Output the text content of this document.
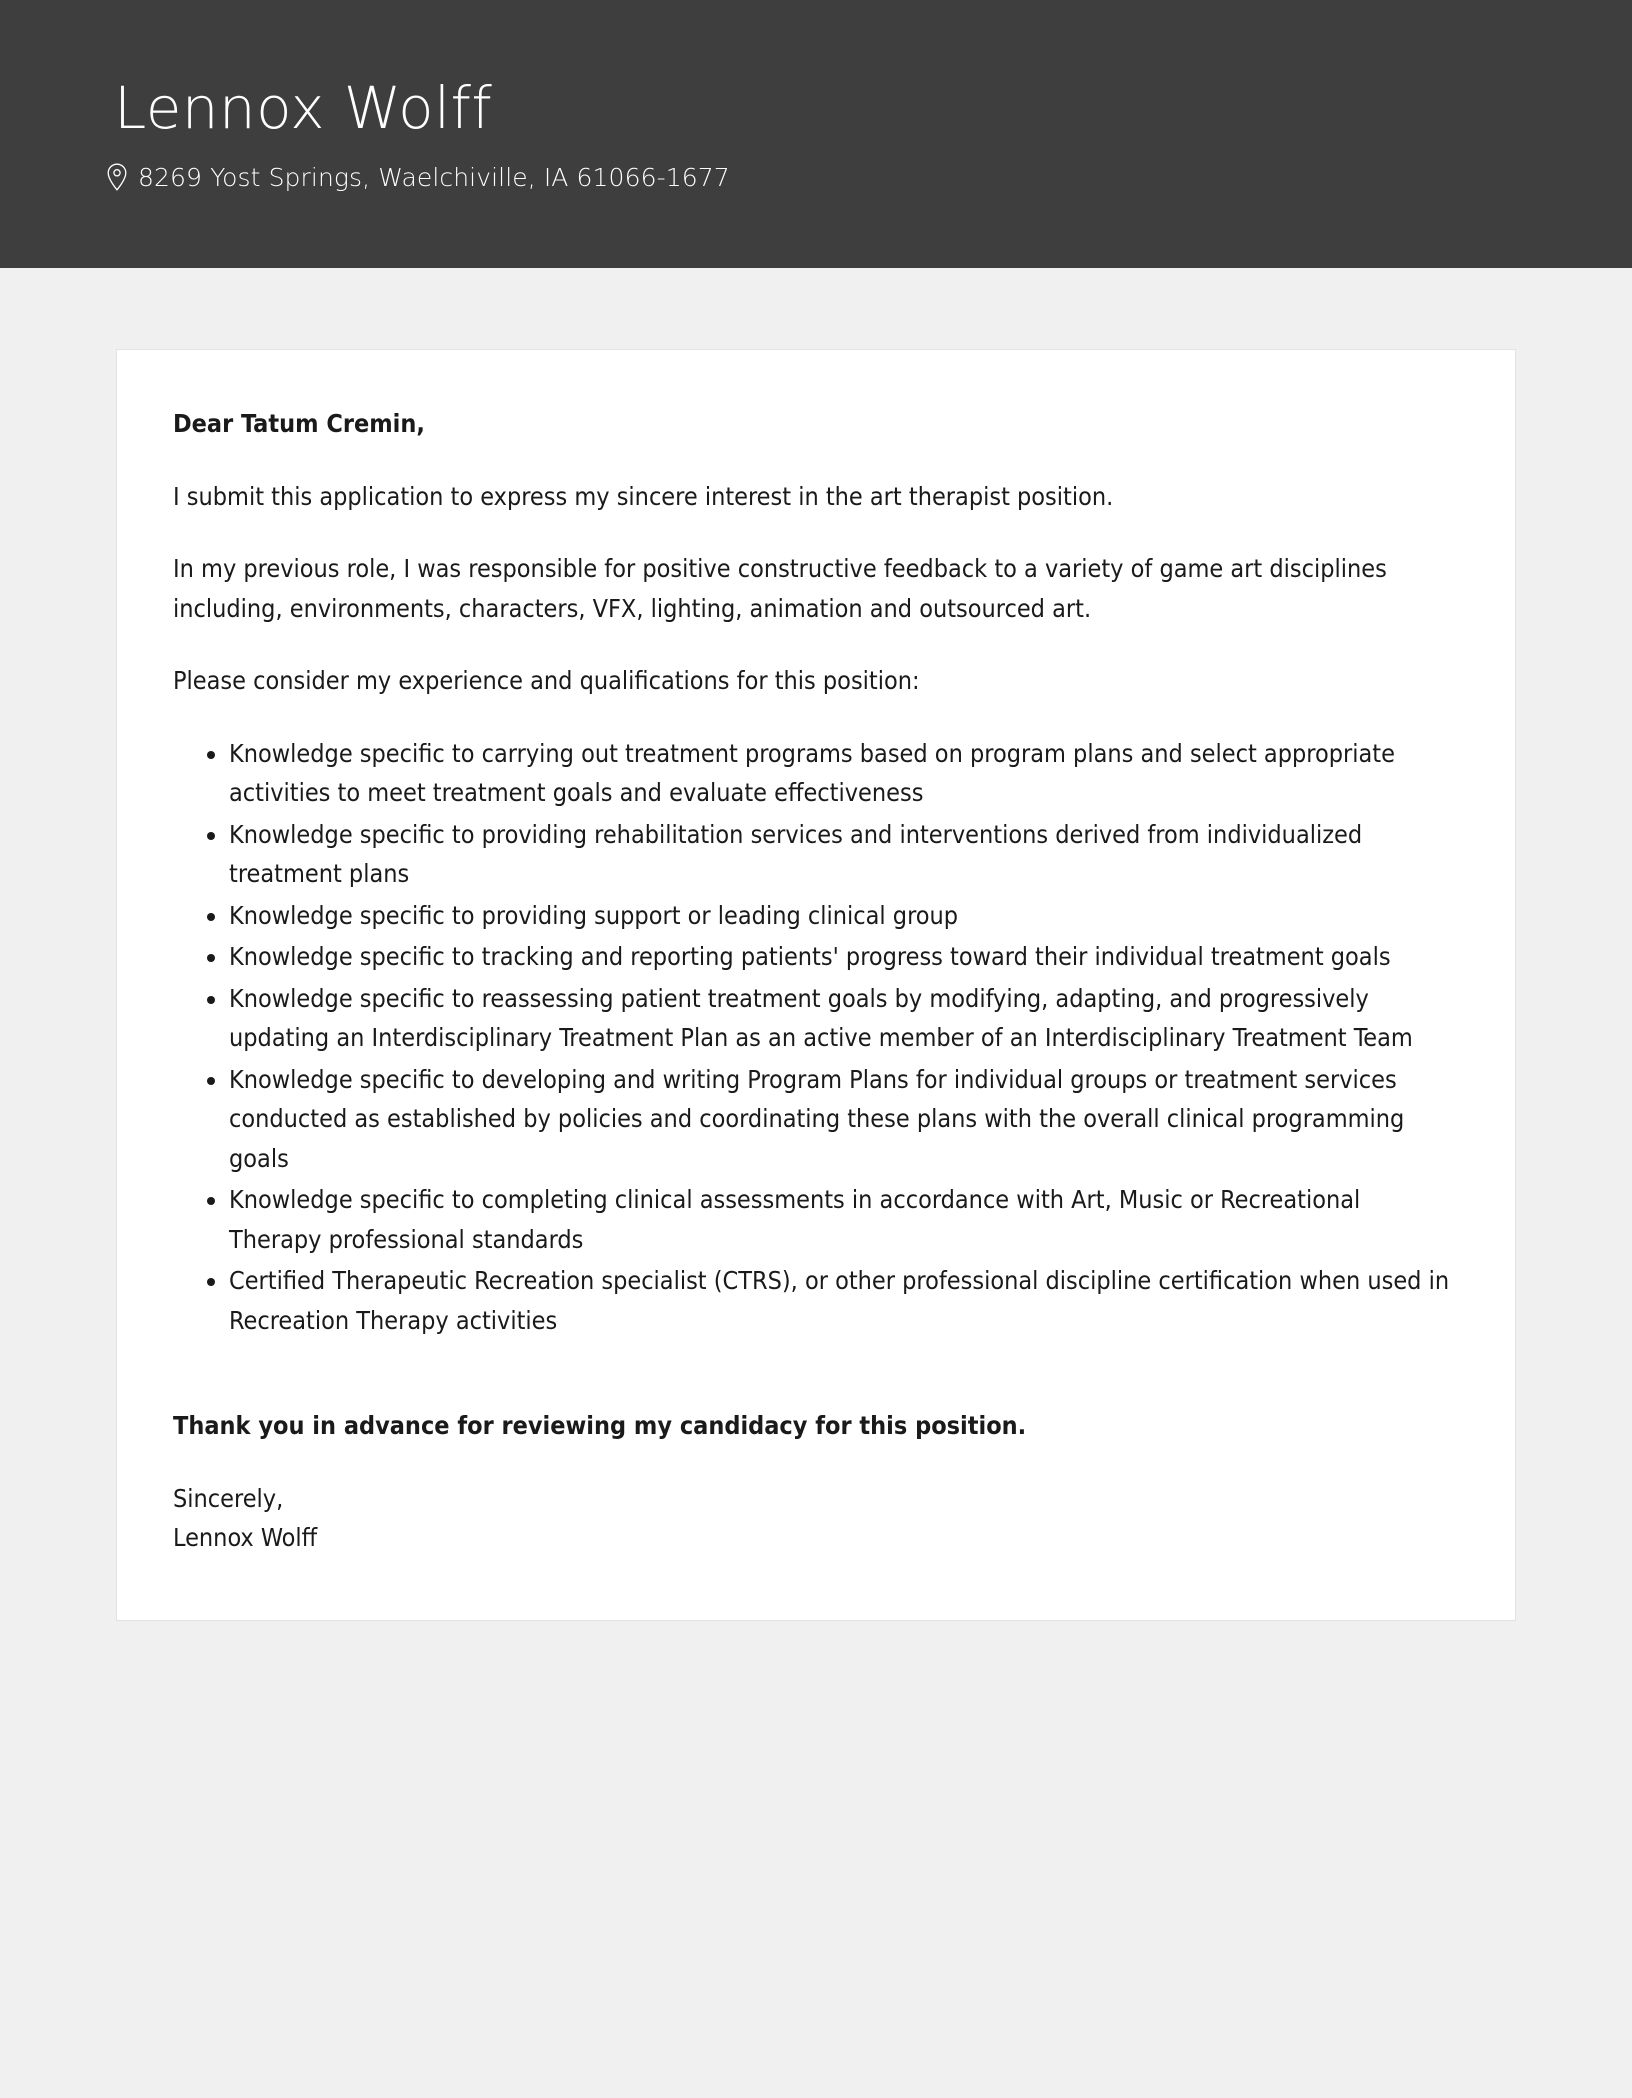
Lennox Wolff
8269 Yost Springs, Waelchiville, IA 61066-1677

Dear Tatum Cremin,

I submit this application to express my sincere interest in the art therapist position.

In my previous role, I was responsible for positive constructive feedback to a variety of game art disciplines including, environments, characters, VFX, lighting, animation and outsourced art.

Please consider my experience and qualifications for this position:

Knowledge specific to carrying out treatment programs based on program plans and select appropriate activities to meet treatment goals and evaluate effectiveness
Knowledge specific to providing rehabilitation services and interventions derived from individualized treatment plans
Knowledge specific to providing support or leading clinical group
Knowledge specific to tracking and reporting patients' progress toward their individual treatment goals
Knowledge specific to reassessing patient treatment goals by modifying, adapting, and progressively updating an Interdisciplinary Treatment Plan as an active member of an Interdisciplinary Treatment Team
Knowledge specific to developing and writing Program Plans for individual groups or treatment services conducted as established by policies and coordinating these plans with the overall clinical programming goals
Knowledge specific to completing clinical assessments in accordance with Art, Music or Recreational Therapy professional standards
Certified Therapeutic Recreation specialist (CTRS), or other professional discipline certification when used in Recreation Therapy activities

Thank you in advance for reviewing my candidacy for this position.

Sincerely,
Lennox Wolff
